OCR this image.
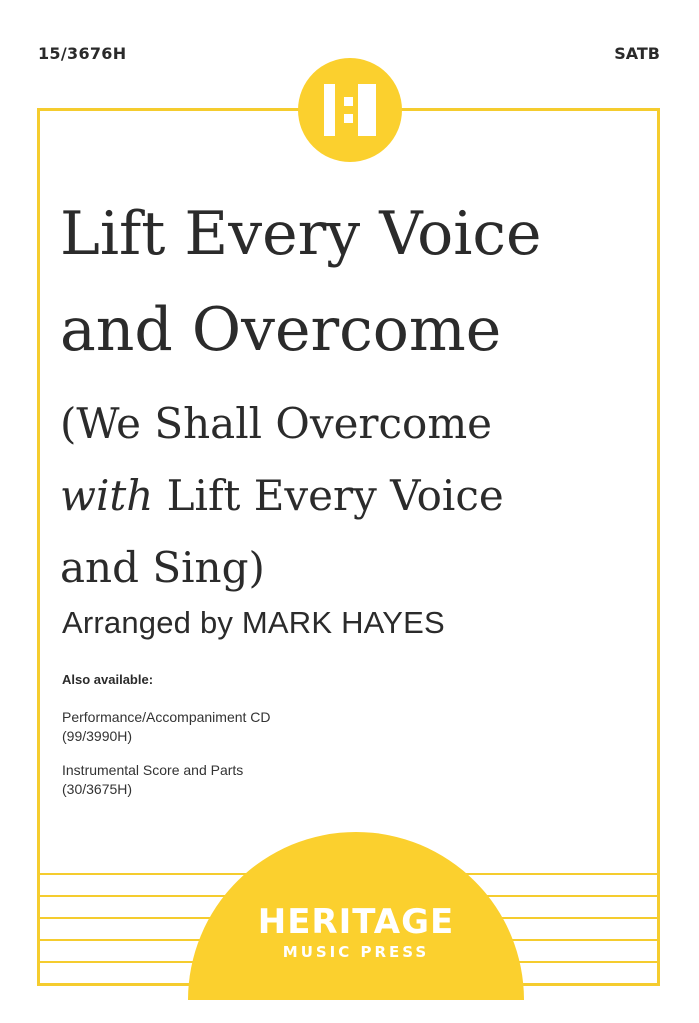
15/3676H	SATB
Lift Every Voice
and Overcome
(We Shall Overcome
with Lift Every Voice
and Sing)
Arranged by MARK HAYES
Also available:
Performance/Accompaniment CD
(99/3990H)
Instrumental Score and Parts
(30/3675H)
HERITAGE
MUSIC PRESS
